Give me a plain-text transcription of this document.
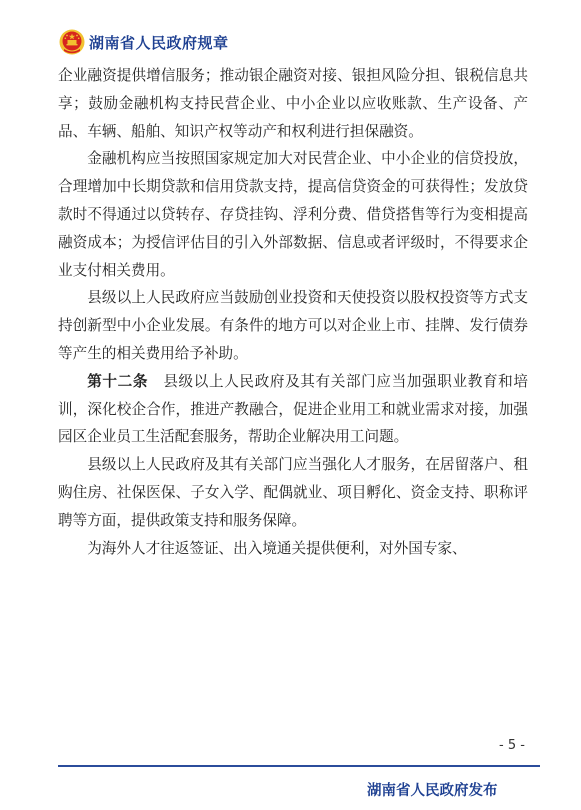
湖南省人民政府规章

企业融资提供增信服务；推动银企融资对接、银担风险分担、银税信息共享；鼓励金融机构支持民营企业、中小企业以应收账款、生产设备、产品、车辆、船舶、知识产权等动产和权利进行担保融资。

金融机构应当按照国家规定加大对民营企业、中小企业的信贷投放，合理增加中长期贷款和信用贷款支持，提高信贷资金的可获得性；发放贷款时不得通过以贷转存、存贷挂钩、浮利分费、借贷搭售等行为变相提高融资成本；为授信评估目的引入外部数据、信息或者评级时，不得要求企业支付相关费用。

县级以上人民政府应当鼓励创业投资和天使投资以股权投资等方式支持创新型中小企业发展。有条件的地方可以对企业上市、挂牌、发行债券等产生的相关费用给予补助。

第十二条　 县级以上人民政府及其有关部门应当加强职业教育和培训，深化校企合作，推进产教融合，促进企业用工和就业需求对接，加强园区企业员工生活配套服务，帮助企业解决用工问题。

县级以上人民政府及其有关部门应当强化人才服务，在居留落户、租购住房、社保医保、子女入学、配偶就业、项目孵化、资金支持、职称评聘等方面，提供政策支持和服务保障。

为海外人才往返签证、出入境通关提供便利，对外国专家、

- 5 -
湖南省人民政府发布
